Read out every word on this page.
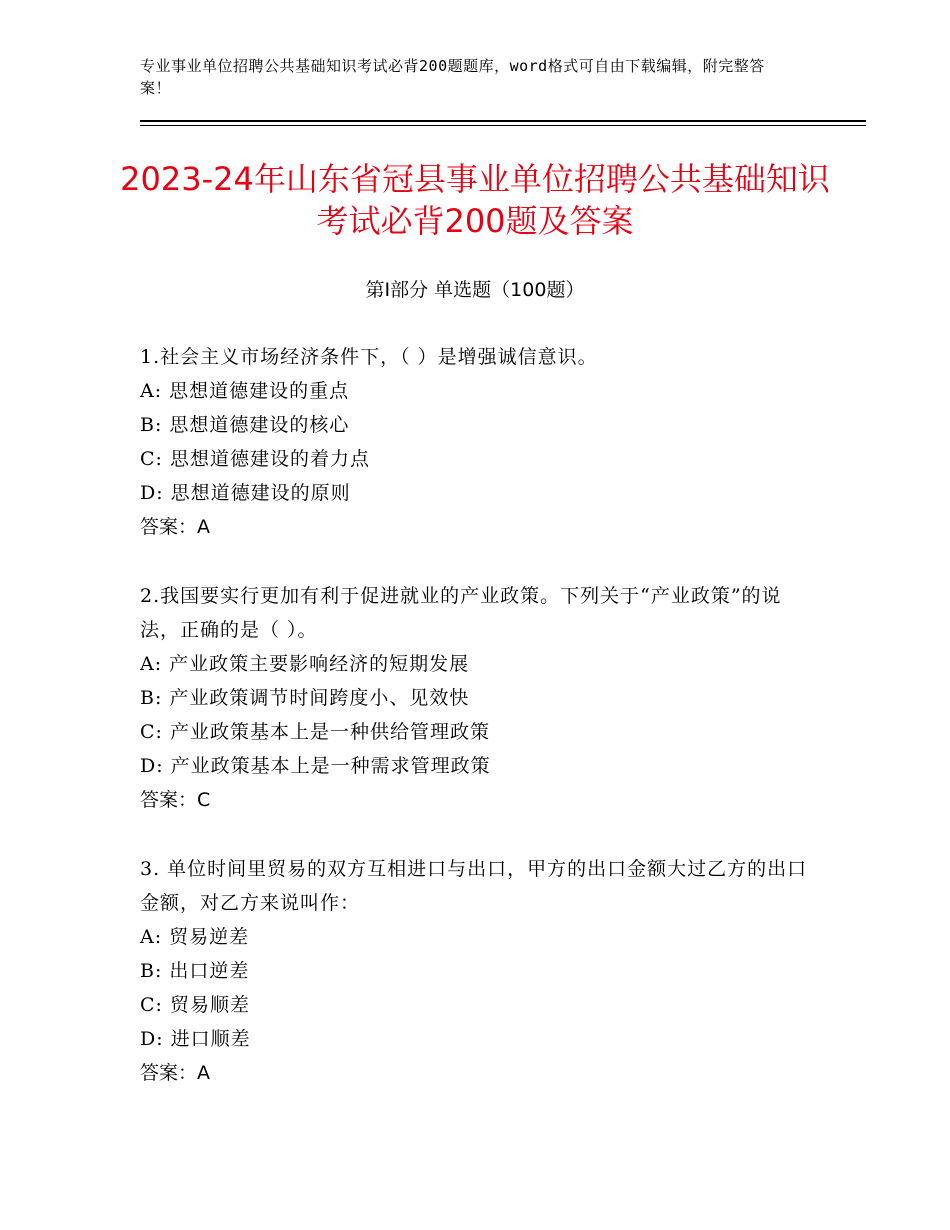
专业事业单位招聘公共基础知识考试必背200题题库，word格式可自由下载编辑，附完整答案！
2023-24年山东省冠县事业单位招聘公共基础知识考试必背200题及答案
第Ⅰ部分 单选题（100题）

1.社会主义市场经济条件下，（ ）是增强诚信意识。

A: 思想道德建设的重点

B: 思想道德建设的核心

C: 思想道德建设的着力点

D: 思想道德建设的原则

答案：A

2.我国要实行更加有利于促进就业的产业政策。下列关于“产业政策”的说法，正确的是（ ）。

A: 产业政策主要影响经济的短期发展

B: 产业政策调节时间跨度小、见效快

C: 产业政策基本上是一种供给管理政策

D: 产业政策基本上是一种需求管理政策

答案：C

3. 单位时间里贸易的双方互相进口与出口，甲方的出口金额大过乙方的出口金额，对乙方来说叫作：

A: 贸易逆差

B: 出口逆差

C: 贸易顺差

D: 进口顺差

答案：A
